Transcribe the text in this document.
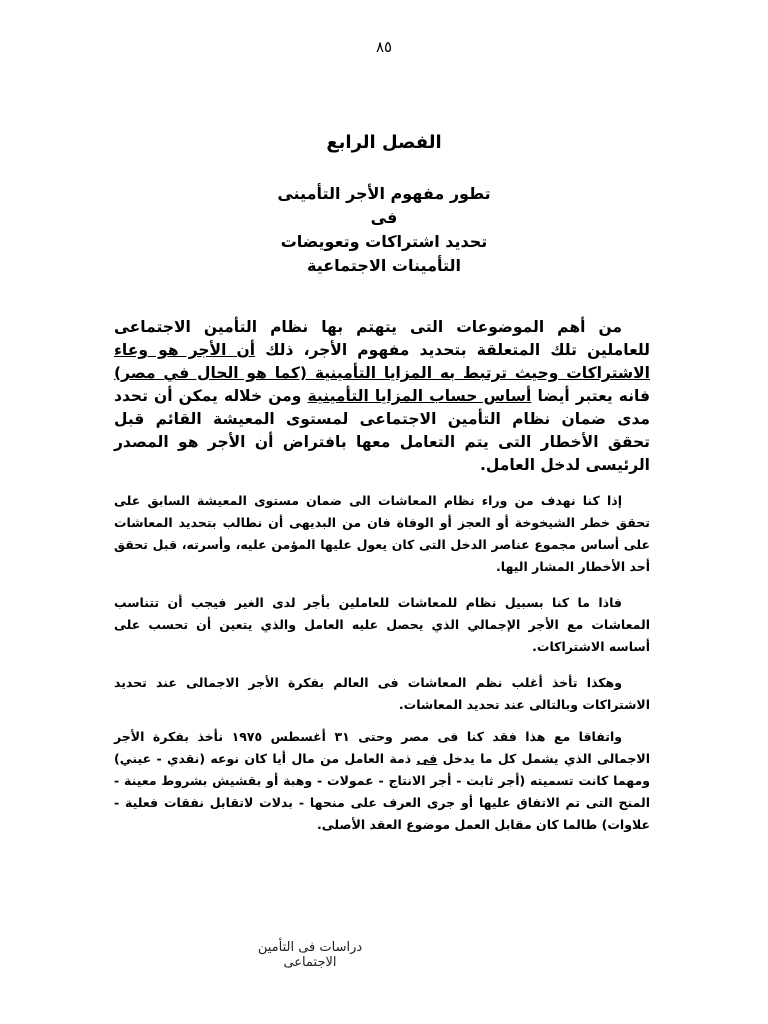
٨٥
الفصل الرابع
تطور مفهوم الأجر التأمينى
فى
تحديد اشتراكات وتعويضات
التأمينات الاجتماعية

من أهم الموضوعات التى يتهتم بها نظام التأمين الاجتماعى للعاملين تلك المتعلقة بتحديد مفهوم الأجر، ذلك أن الأجر هو وعاء الاشتراكات وحيث ترتبط به المزايا التأمينية (كما هو الحال في مصر) فانه يعتبر أيضا أساس حساب المزايا التأمينية ومن خلاله يمكن أن تحدد مدى ضمان نظام التأمين الاجتماعى لمستوى المعيشة القائم قبل تحقق الأخطار التى يتم التعامل معها بافتراض أن الأجر هو المصدر الرئيسى لدخل العامل.

إذا كنا نهدف من وراء نظام المعاشات الى ضمان مستوى المعيشة السابق على تحقق خطر الشيخوخة أو العجز أو الوفاة فان من البديهى أن نطالب بتحديد المعاشات على أساس مجموع عناصر الدخل التى كان يعول عليها المؤمن عليه، وأسرته، قبل تحقق أحد الأخطار المشار اليها.

فاذا ما كنا بسبيل نظام للمعاشات للعاملين بأجر لدى الغير فيجب أن تتناسب المعاشات مع الأجر الإجمالي الذي يحصل عليه العامل والذي يتعين أن تحسب على أساسه الاشتراكات.

وهكذا تأخذ أغلب نظم المعاشات فى العالم بفكرة الأجر الاجمالى عند تحديد الاشتراكات وبالتالى عند تحديد المعاشات.

واتفاقا مع هذا فقد كنا فى مصر وحتى ٣١ أغسطس ١٩٧٥ نأخذ بفكرة الأجر الاجمالى الذي يشمل كل ما يدخل فى ذمة العامل من مال أيا كان نوعه (نقدي - عيني) ومهما كانت تسميته (أجر ثابت - أجر الانتاج - عمولات - وهبة أو بقشيش بشروط معينة - المنح التى تم الاتفاق عليها أو جرى العرف على منحها - بدلات لاتقابل نفقات فعلية - علاوات) طالما كان مقابل العمل موضوع العقد الأصلى.

دراسات فى التأمين الاجتماعى
